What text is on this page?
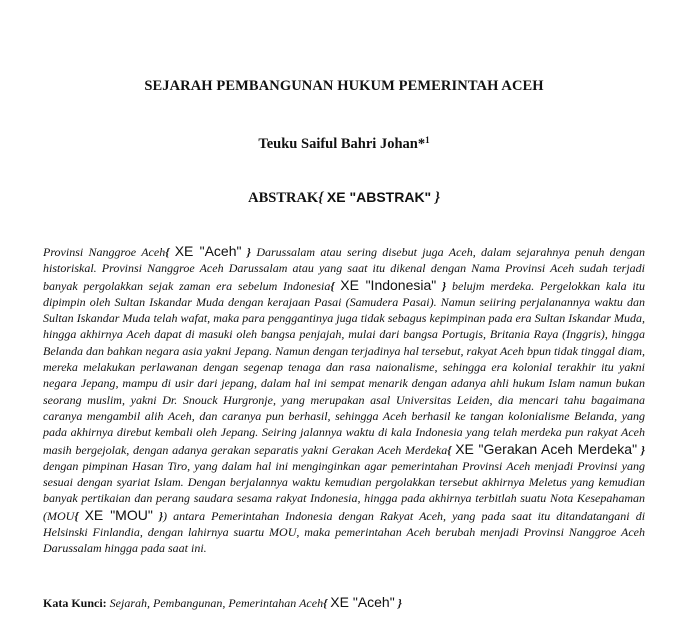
SEJARAH PEMBANGUNAN HUKUM PEMERINTAH ACEH
Teuku Saiful Bahri Johan*$^1$
ABSTRAK{ XE "ABSTRAK" }
Provinsi Nanggroe Aceh{ XE "Aceh" } Darussalam atau sering disebut juga Aceh, dalam sejarahnya penuh dengan historiskal. Provinsi Nanggroe Aceh Darussalam atau yang saat itu dikenal dengan Nama Provinsi Aceh sudah terjadi banyak pergolakkan sejak zaman era sebelum Indonesia{ XE "Indonesia" } belujm merdeka. Pergelokkan kala itu dipimpin oleh Sultan Iskandar Muda dengan kerajaan Pasai (Samudera Pasai). Namun seiiring perjalanannya waktu dan Sultan Iskandar Muda telah wafat, maka para penggantinya juga tidak sebagus kepimpinan pada era Sultan Iskandar Muda, hingga akhirnya Aceh dapat di masuki oleh bangsa penjajah, mulai dari bangsa Portugis, Britania Raya (Inggris), hingga Belanda dan bahkan negara asia yakni Jepang. Namun dengan terjadinya hal tersebut, rakyat Aceh bpun tidak tinggal diam, mereka melakukan perlawanan dengan segenap tenaga dan rasa naionalisme, sehingga era kolonial terakhir itu yakni negara Jepang, mampu di usir dari jepang, dalam hal ini sempat menarik dengan adanya ahli hukum Islam namun bukan seorang muslim, yakni Dr. Snouck Hurgronje, yang merupakan asal Universitas Leiden, dia mencari tahu bagaimana caranya mengambil alih Aceh, dan caranya pun berhasil, sehingga Aceh berhasil ke tangan kolonialisme Belanda, yang pada akhirnya direbut kembali oleh Jepang. Seiring jalannya waktu di kala Indonesia yang telah merdeka pun rakyat Aceh masih bergejolak, dengan adanya gerakan separatis yakni Gerakan Aceh Merdeka{ XE "Gerakan Aceh Merdeka" } dengan pimpinan Hasan Tiro, yang dalam hal ini menginginkan agar pemerintahan Provinsi Aceh menjadi Provinsi yang sesuai dengan syariat Islam. Dengan berjalannya waktu kemudian pergolakkan tersebut akhirnya Meletus yang kemudian banyak pertikaian dan perang saudara sesama rakyat Indonesia, hingga pada akhirnya terbitlah suatu Nota Kesepahaman (MOU{ XE "MOU" }) antara Pemerintahan Indonesia dengan Rakyat Aceh, yang pada saat itu ditandatangani di Helsinski Finlandia, dengan lahirnya suartu MOU, maka pemerintahan Aceh berubah menjadi Provinsi Nanggroe Aceh Darussalam hingga pada saat ini.
Kata Kunci: Sejarah, Pembangunan, Pemerintahan Aceh{ XE "Aceh" }
